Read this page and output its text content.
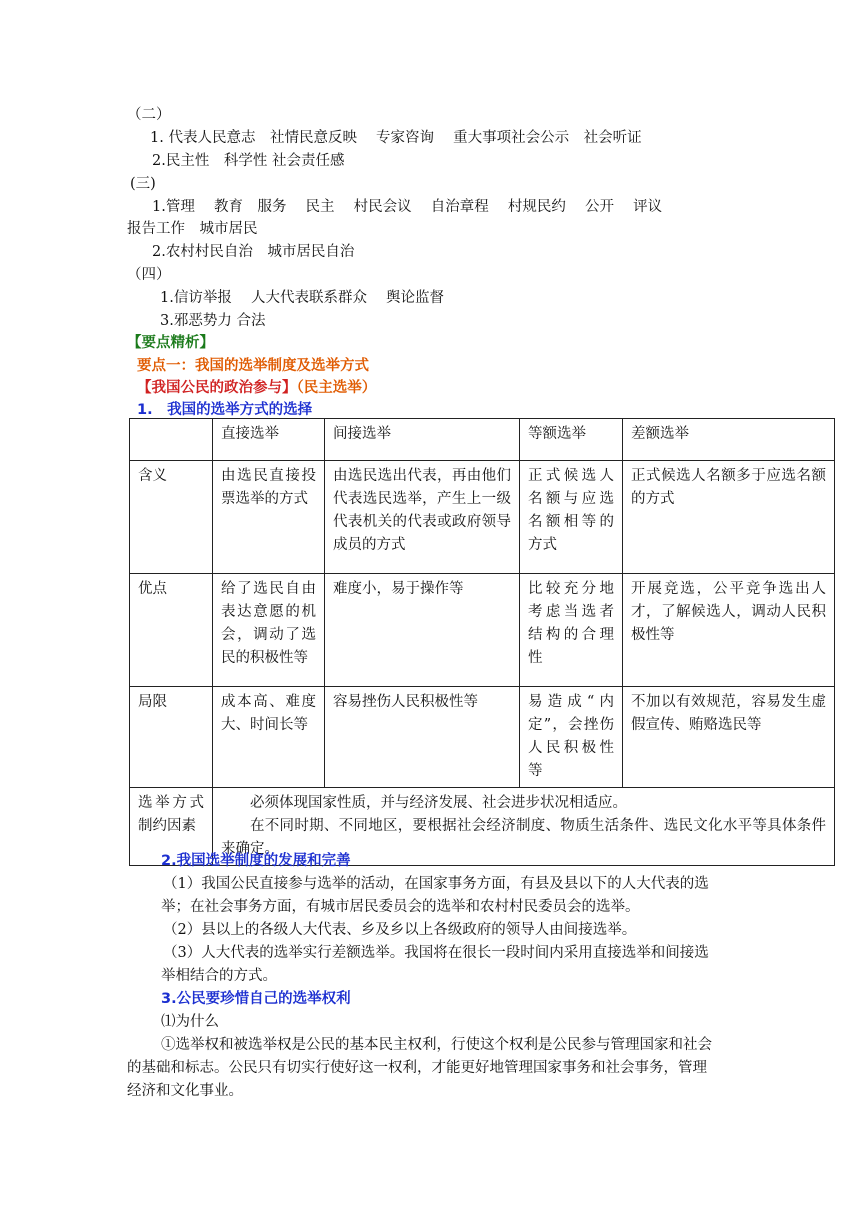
（二）
1. 代表人民意志　社情民意反映　 专家咨询　 重大事项社会公示　社会听证
2.民主性　科学性 社会责任感
(三)
1.管理　 教育　服务　 民主　 村民会议　 自治章程　 村规民约　 公开　 评议
报告工作　城市居民
2.农村村民自治　城市居民自治
（四）
1.信访举报　 人大代表联系群众　 舆论监督
3.邪恶势力 合法
【要点精析】
要点一：我国的选举制度及选举方式
【我国公民的政治参与】（民主选举）
1.　我国的选举方式的选择
	直接选举	间接选举	等额选举	差额选举
含义	由选民直接投票选举的方式	由选民选出代表，再由他们代表选民选举，产生上一级代表机关的代表或政府领导成员的方式	正式候选人名额与应选名额相等的方式	正式候选人名额多于应选名额的方式
优点	给了选民自由表达意愿的机会，调动了选民的积极性等	难度小，易于操作等	比较充分地考虑当选者结构的合理性	开展竞选，公平竞争选出人才，了解候选人，调动人民积极性等
局限	成本高、难度大、时间长等	容易挫伤人民积极性等	易造成“内定”，会挫伤人民积极性等	不加以有效规范，容易发生虚假宣传、贿赂选民等
选举方式制约因素	必须体现国家性质，并与经济发展、社会进步状况相适应。

在不同时期、不同地区，要根据社会经济制度、物质生活条件、选民文化水平等具体条件来确定。			

2.我国选举制度的发展和完善
（1）我国公民直接参与选举的活动，在国家事务方面，有县及县以下的人大代表的选
举；在社会事务方面，有城市居民委员会的选举和农村村民委员会的选举。
（2）县以上的各级人大代表、乡及乡以上各级政府的领导人由间接选举。
（3）人大代表的选举实行差额选举。我国将在很长一段时间内采用直接选举和间接选
举相结合的方式。
3.公民要珍惜自己的选举权利
⑴为什么
①选举权和被选举权是公民的基本民主权利，行使这个权利是公民参与管理国家和社会
的基础和标志。公民只有切实行使好这一权利，才能更好地管理国家事务和社会事务，管理
经济和文化事业。
